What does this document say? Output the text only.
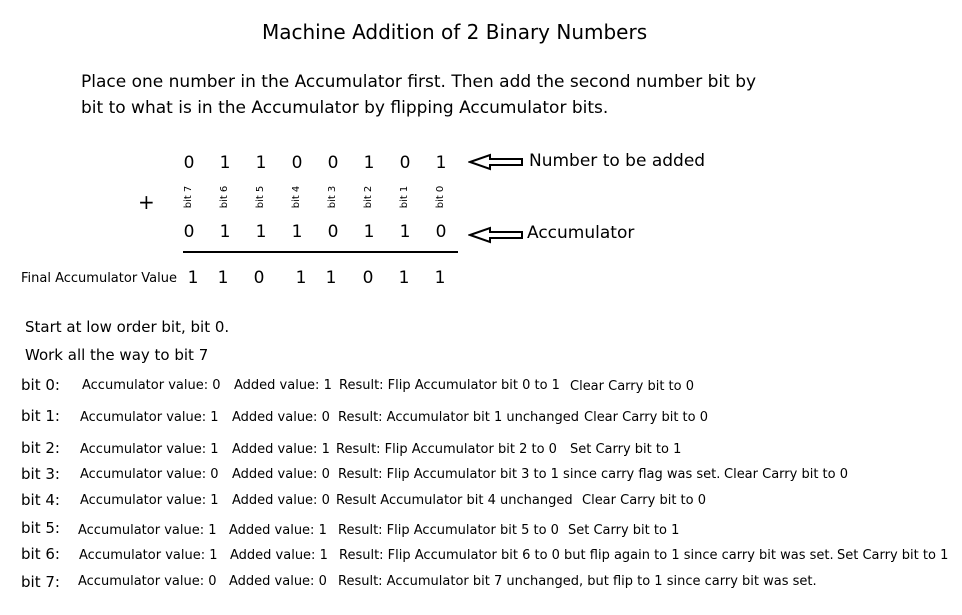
Machine Addition of 2 Binary Numbers
Place one number in the Accumulator first. Then add the second number bit by
bit to what is in the Accumulator by flipping Accumulator bits.
0 1 1 0 0 1 0 1	Number to be added
+	bit 7	bit 6	bit 5	bit 4	bit 3	bit 2	bit 1	bit 0
0 1 1 1 0 1 1 0	Accumulator
Final Accumulator Value 1 1 0 1 1 0 1 1
Start at low order bit, bit 0.
Work all the way to bit 7
bit 0: Accumulator value: 0 Added value: 1 Result: Flip Accumulator bit 0 to 1 Clear Carry bit to 0
bit 1: Accumulator value: 1 Added value: 0 Result: Accumulator bit 1 unchanged Clear Carry bit to 0
bit 2: Accumulator value: 1 Added value: 1 Result: Flip Accumulator bit 2 to 0 Set Carry bit to 1
bit 3: Accumulator value: 0 Added value: 0 Result: Flip Accumulator bit 3 to 1 since carry flag was set. Clear Carry bit to 0
bit 4: Accumulator value: 1 Added value: 0 Result Accumulator bit 4 unchanged Clear Carry bit to 0
bit 5: Accumulator value: 1 Added value: 1 Result: Flip Accumulator bit 5 to 0 Set Carry bit to 1
bit 6: Accumulator value: 1 Added value: 1 Result: Flip Accumulator bit 6 to 0 but flip again to 1 since carry bit was set. Set Carry bit to 1
bit 7: Accumulator value: 0 Added value: 0 Result: Accumulator bit 7 unchanged, but flip to 1 since carry bit was set.
